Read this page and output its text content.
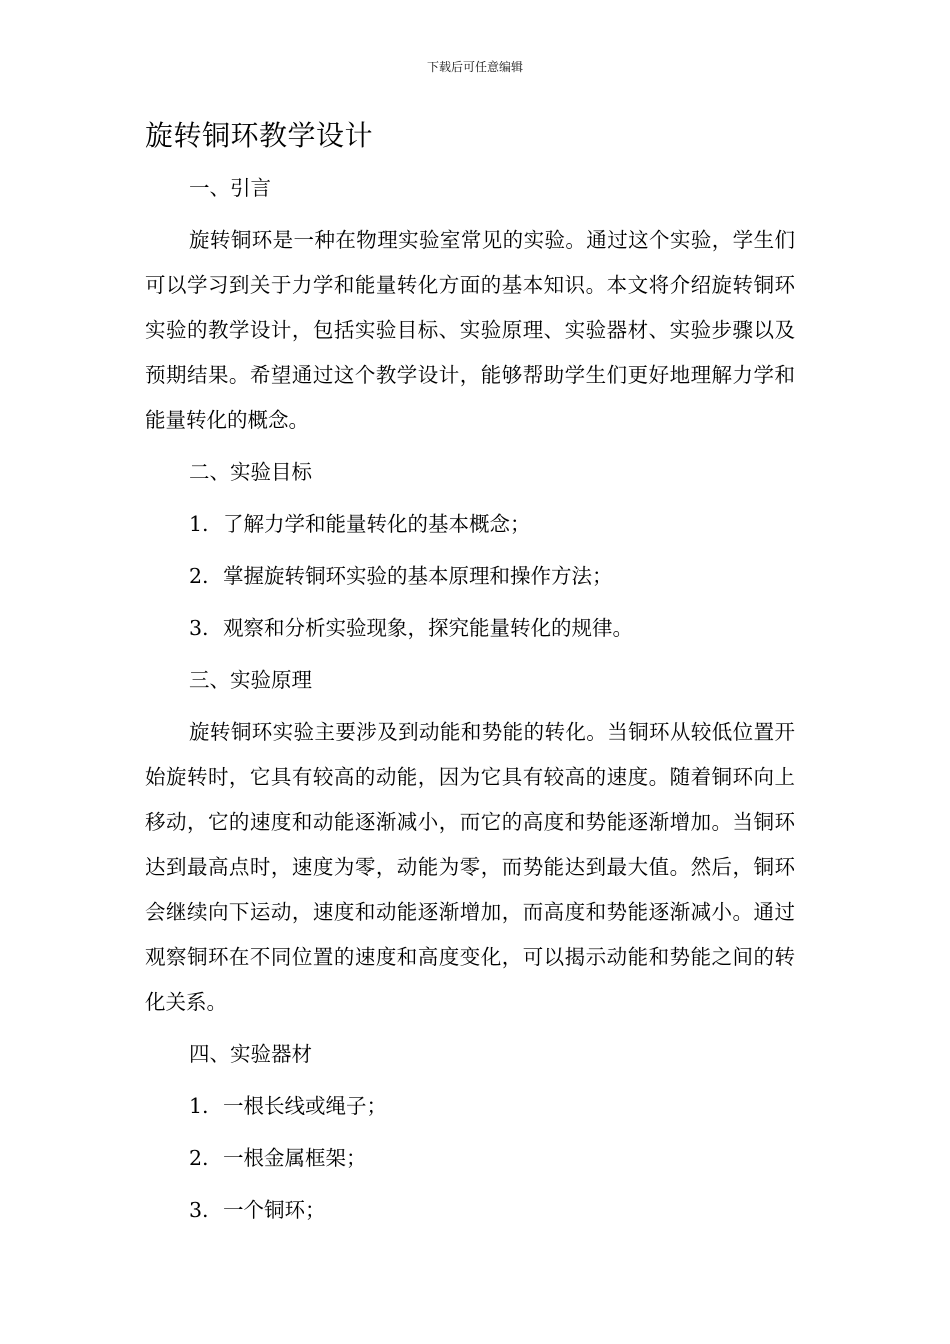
下载后可任意编辑
旋转铜环教学设计

一、引言

旋转铜环是一种在物理实验室常见的实验。通过这个实验，学生们可以学习到关于力学和能量转化方面的基本知识。本文将介绍旋转铜环实验的教学设计，包括实验目标、实验原理、实验器材、实验步骤以及预期结果。希望通过这个教学设计，能够帮助学生们更好地理解力学和能量转化的概念。

二、实验目标

1. 了解力学和能量转化的基本概念；

2. 掌握旋转铜环实验的基本原理和操作方法；

3. 观察和分析实验现象，探究能量转化的规律。

三、实验原理

旋转铜环实验主要涉及到动能和势能的转化。当铜环从较低位置开始旋转时，它具有较高的动能，因为它具有较高的速度。随着铜环向上移动，它的速度和动能逐渐减小，而它的高度和势能逐渐增加。当铜环达到最高点时，速度为零，动能为零，而势能达到最大值。然后，铜环会继续向下运动，速度和动能逐渐增加，而高度和势能逐渐减小。通过观察铜环在不同位置的速度和高度变化，可以揭示动能和势能之间的转化关系。

四、实验器材

1. 一根长线或绳子；

2. 一根金属框架；

3. 一个铜环；
